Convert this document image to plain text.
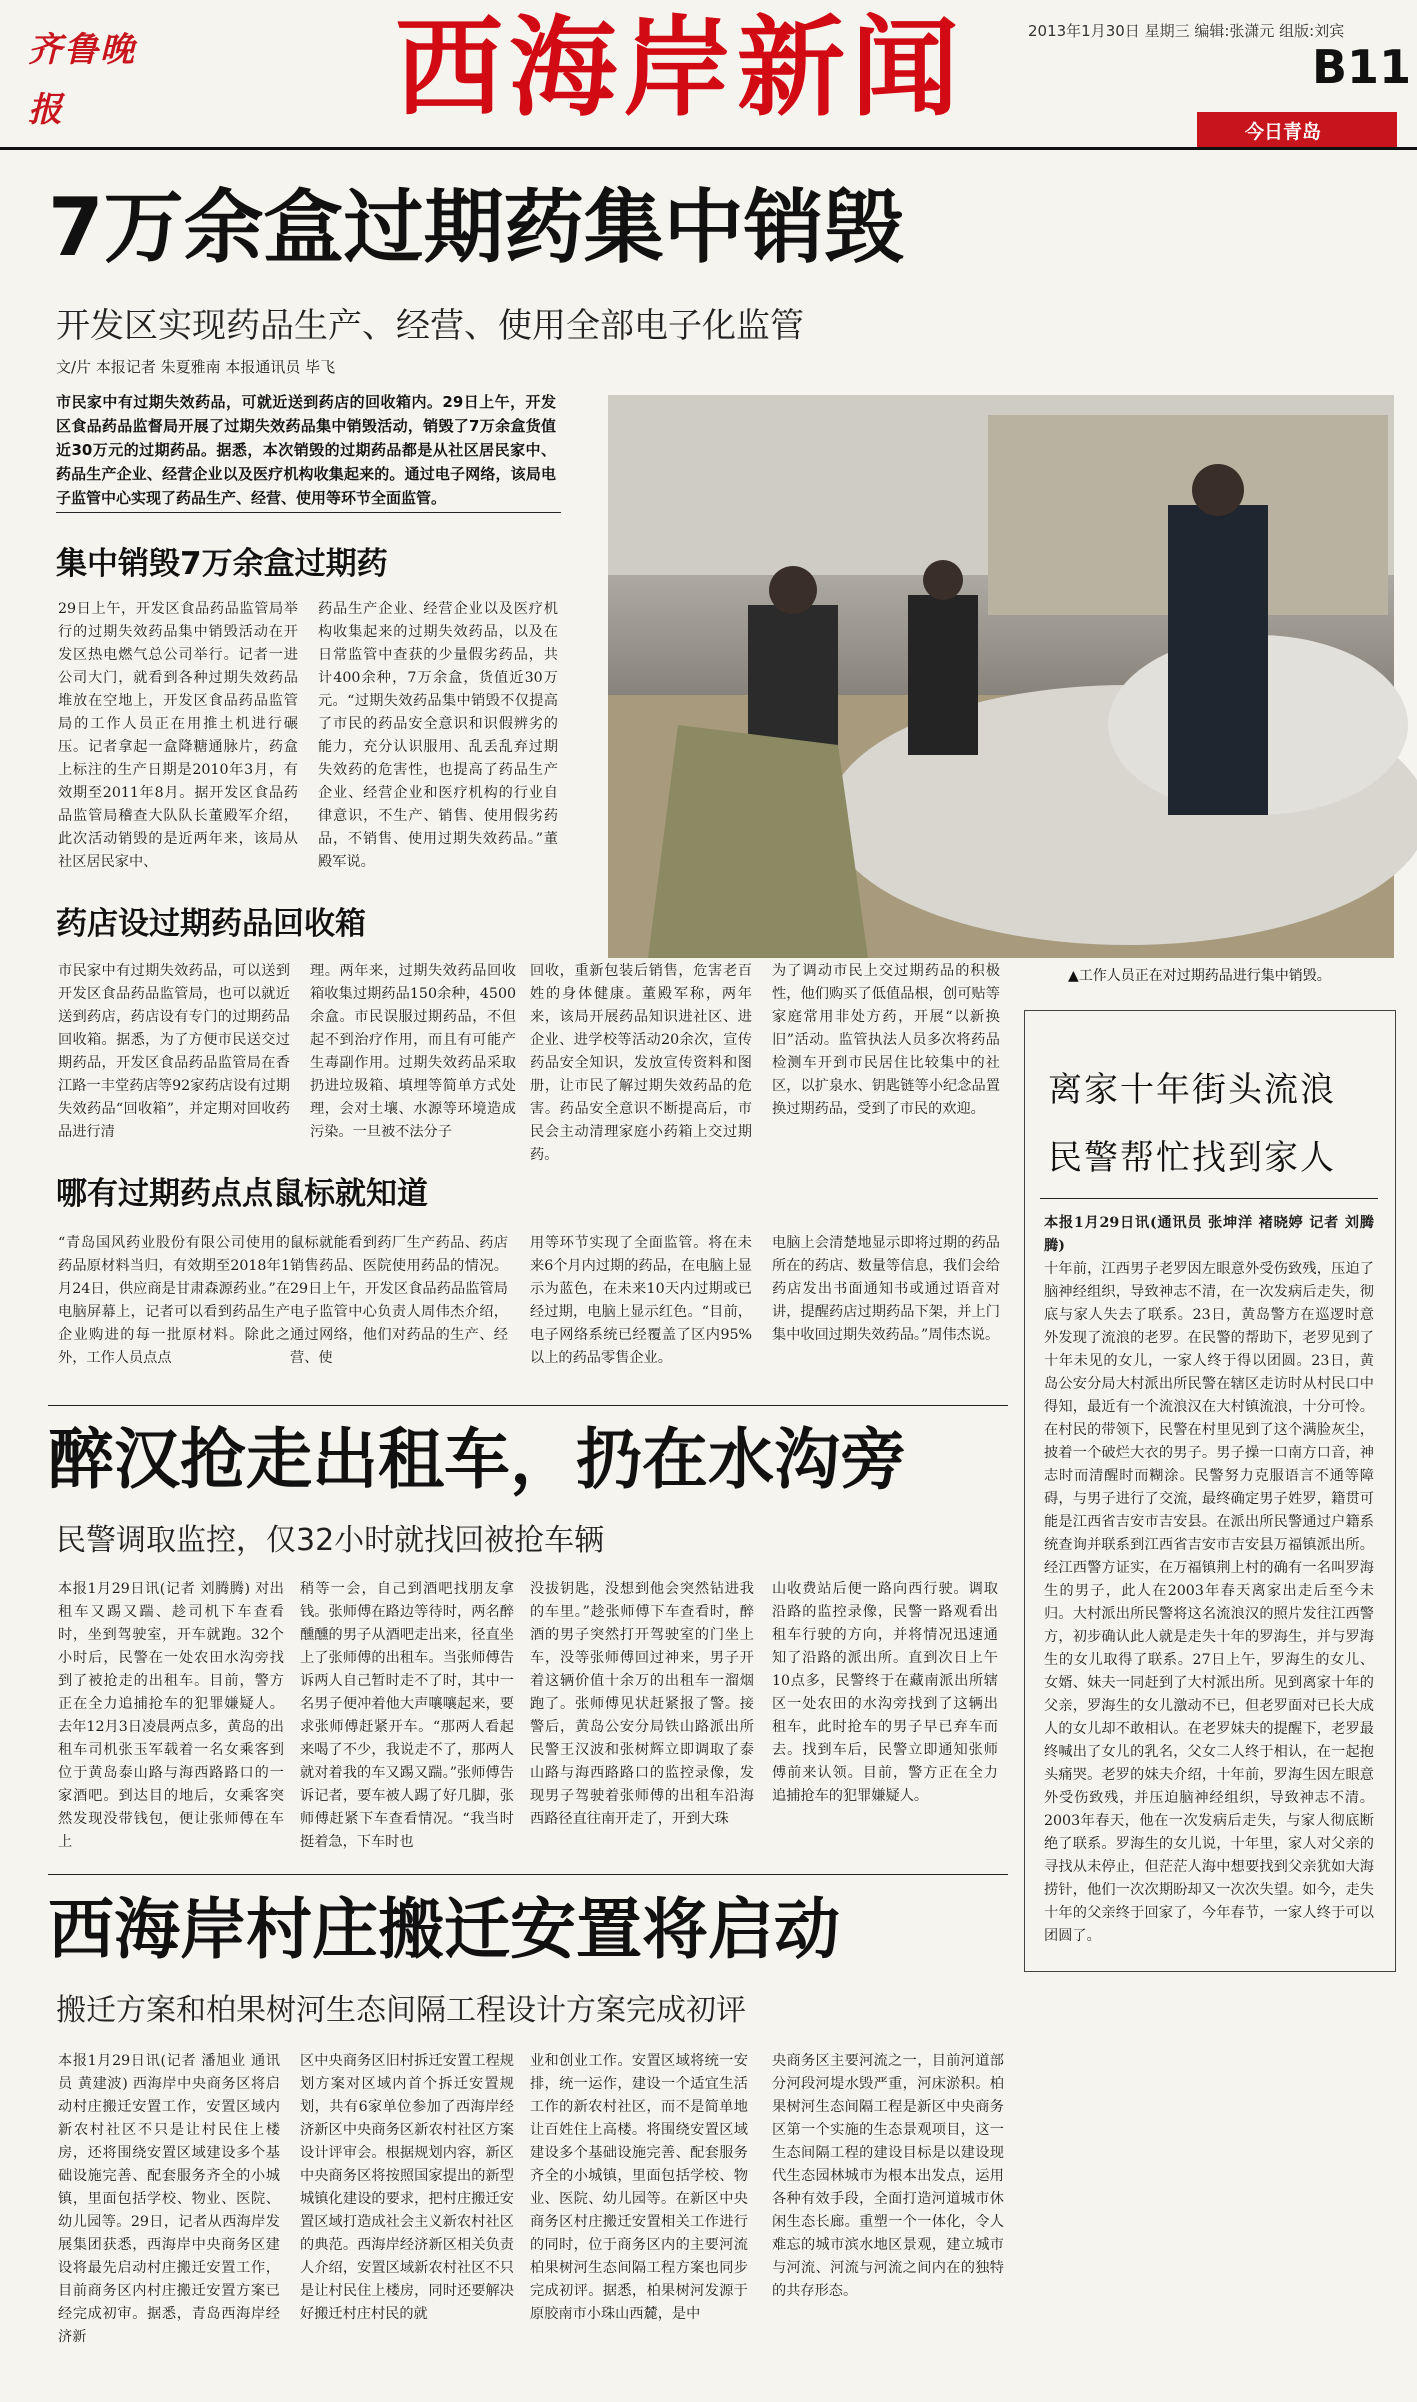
齐鲁晚报	西海岸新闻	2013年1月30日 星期三 编辑:张潇元 组版:刘宾
B11
今日青岛
7万余盒过期药集中销毁
开发区实现药品生产、经营、使用全部电子化监管
文/片 本报记者 朱夏雅南 本报通讯员 毕飞
市民家中有过期失效药品，可就近送到药店的回收箱内。29日上午，开发区食品药品监督局开展了过期失效药品集中销毁活动，销毁了7万余盒货值近30万元的过期药品。据悉，本次销毁的过期药品都是从社区居民家中、药品生产企业、经营企业以及医疗机构收集起来的。通过电子网络，该局电子监管中心实现了药品生产、经营、使用等环节全面监管。
集中销毁7万余盒过期药
29日上午，开发区食品药品监管局举行的过期失效药品集中销毁活动在开发区热电燃气总公司举行。记者一进公司大门，就看到各种过期失效药品堆放在空地上，开发区食品药品监管局的工作人员正在用推土机进行碾压。记者拿起一盒降糖通脉片，药盒上标注的生产日期是2010年3月，有效期至2011年8月。据开发区食品药品监管局稽查大队队长董殿军介绍，此次活动销毁的是近两年来，该局从社区居民家中、
药品生产企业、经营企业以及医疗机构收集起来的过期失效药品，以及在日常监管中查获的少量假劣药品，共计400余种，7万余盒，货值近30万元。“过期失效药品集中销毁不仅提高了市民的药品安全意识和识假辨劣的能力，充分认识服用、乱丢乱弃过期失效药的危害性，也提高了药品生产企业、经营企业和医疗机构的行业自律意识，不生产、销售、使用假劣药品，不销售、使用过期失效药品。”董殿军说。
▲工作人员正在对过期药品进行集中销毁。
药店设过期药品回收箱
市民家中有过期失效药品，可以送到开发区食品药品监管局，也可以就近送到药店，药店设有专门的过期药品回收箱。据悉，为了方便市民送交过期药品，开发区食品药品监管局在香江路一丰堂药店等92家药店设有过期失效药品“回收箱”，并定期对回收药品进行清
理。两年来，过期失效药品回收箱收集过期药品150余种，4500余盒。市民误服过期药品，不但起不到治疗作用，而且有可能产生毒副作用。过期失效药品采取扔进垃圾箱、填埋等简单方式处理，会对土壤、水源等环境造成污染。一旦被不法分子
回收，重新包装后销售，危害老百姓的身体健康。董殿军称，两年来，该局开展药品知识进社区、进企业、进学校等活动20余次，宣传药品安全知识，发放宣传资料和图册，让市民了解过期失效药品的危害。药品安全意识不断提高后，市民会主动清理家庭小药箱上交过期药。
为了调动市民上交过期药品的积极性，他们购买了低值品根，创可贴等家庭常用非处方药，开展“以新换旧”活动。监管执法人员多次将药品检测车开到市民居住比较集中的社区，以扩泉水、钥匙链等小纪念品置换过期药品，受到了市民的欢迎。
哪有过期药点点鼠标就知道
“青岛国风药业股份有限公司使用的药品原材料当归，有效期至2018年1月24日，供应商是甘肃森源药业。”在电脑屏幕上，记者可以看到药品生产企业购进的每一批原材料。除此之外，工作人员点点
鼠标就能看到药厂生产药品、药店销售药品、医院使用药品的情况。29日上午，开发区食品药品监管局电子监管中心负责人周伟杰介绍，通过网络，他们对药品的生产、经营、使
用等环节实现了全面监管。将在未来6个月内过期的药品，在电脑上显示为蓝色，在未来10天内过期或已经过期，电脑上显示红色。“目前，电子网络系统已经覆盖了区内95%以上的药品零售企业。
电脑上会清楚地显示即将过期的药品所在的药店、数量等信息，我们会给药店发出书面通知书或通过语音对讲，提醒药店过期药品下架，并上门集中收回过期失效药品。”周伟杰说。
离家十年街头流浪
民警帮忙找到家人
本报1月29日讯(通讯员 张坤洋 褚晓婷 记者 刘腾腾)
十年前，江西男子老罗因左眼意外受伤致残，压迫了脑神经组织，导致神志不清，在一次发病后走失，彻底与家人失去了联系。23日，黄岛警方在巡逻时意外发现了流浪的老罗。在民警的帮助下，老罗见到了十年未见的女儿，一家人终于得以团圆。23日，黄岛公安分局大村派出所民警在辖区走访时从村民口中得知，最近有一个流浪汉在大村镇流浪，十分可怜。在村民的带领下，民警在村里见到了这个满脸灰尘，披着一个破烂大衣的男子。男子操一口南方口音，神志时而清醒时而糊涂。民警努力克服语言不通等障碍，与男子进行了交流，最终确定男子姓罗，籍贯可能是江西省吉安市吉安县。在派出所民警通过户籍系统查询并联系到江西省吉安市吉安县万福镇派出所。经江西警方证实，在万福镇荆上村的确有一名叫罗海生的男子，此人在2003年春天离家出走后至今未归。大村派出所民警将这名流浪汉的照片发往江西警方，初步确认此人就是走失十年的罗海生，并与罗海生的女儿取得了联系。27日上午，罗海生的女儿、女婿、妹夫一同赶到了大村派出所。见到离家十年的父亲，罗海生的女儿激动不已，但老罗面对已长大成人的女儿却不敢相认。在老罗妹夫的提醒下，老罗最终喊出了女儿的乳名，父女二人终于相认，在一起抱头痛哭。老罗的妹夫介绍，十年前，罗海生因左眼意外受伤致残，并压迫脑神经组织，导致神志不清。2003年春天，他在一次发病后走失，与家人彻底断绝了联系。罗海生的女儿说，十年里，家人对父亲的寻找从未停止，但茫茫人海中想要找到父亲犹如大海捞针，他们一次次期盼却又一次次失望。如今，走失十年的父亲终于回家了，今年春节，一家人终于可以团圆了。
醉汉抢走出租车，扔在水沟旁
民警调取监控，仅32小时就找回被抢车辆
本报1月29日讯(记者 刘腾腾) 对出租车又踢又踹、趁司机下车查看时，坐到驾驶室，开车就跑。32个小时后，民警在一处农田水沟旁找到了被抢走的出租车。目前，警方正在全力追捕抢车的犯罪嫌疑人。去年12月3日凌晨两点多，黄岛的出租车司机张玉军载着一名女乘客到位于黄岛泰山路与海西路路口的一家酒吧。到达目的地后，女乘客突然发现没带钱包，便让张师傅在车上
稍等一会，自己到酒吧找朋友拿钱。张师傅在路边等待时，两名醉醺醺的男子从酒吧走出来，径直坐上了张师傅的出租车。当张师傅告诉两人自己暂时走不了时，其中一名男子便冲着他大声嚷嚷起来，要求张师傅赶紧开车。“那两人看起来喝了不少，我说走不了，那两人就对着我的车又踢又踹。”张师傅告诉记者，要车被人踢了好几脚，张师傅赶紧下车查看情况。“我当时挺着急，下车时也
没拔钥匙，没想到他会突然钻进我的车里。”趁张师傅下车查看时，醉酒的男子突然打开驾驶室的门坐上车，没等张师傅回过神来，男子开着这辆价值十余万的出租车一溜烟跑了。张师傅见状赶紧报了警。接警后，黄岛公安分局铁山路派出所民警王汉波和张树辉立即调取了泰山路与海西路路口的监控录像，发现男子驾驶着张师傅的出租车沿海西路径直往南开走了，开到大珠
山收费站后便一路向西行驶。调取沿路的监控录像，民警一路观看出租车行驶的方向，并将情况迅速通知了沿路的派出所。直到次日上午10点多，民警终于在藏南派出所辖区一处农田的水沟旁找到了这辆出租车，此时抢车的男子早已弃车而去。找到车后，民警立即通知张师傅前来认领。目前，警方正在全力追捕抢车的犯罪嫌疑人。
西海岸村庄搬迁安置将启动
搬迁方案和柏果树河生态间隔工程设计方案完成初评
本报1月29日讯(记者 潘旭业 通讯员 黄建波) 西海岸中央商务区将启动村庄搬迁安置工作，安置区域内新农村社区不只是让村民住上楼房，还将围绕安置区域建设多个基础设施完善、配套服务齐全的小城镇，里面包括学校、物业、医院、幼儿园等。29日，记者从西海岸发展集团获悉，西海岸中央商务区建设将最先启动村庄搬迁安置工作，目前商务区内村庄搬迁安置方案已经完成初审。据悉，青岛西海岸经济新
区中央商务区旧村拆迁安置工程规划方案对区域内首个拆迁安置规划，共有6家单位参加了西海岸经济新区中央商务区新农村社区方案设计评审会。根据规划内容，新区中央商务区将按照国家提出的新型城镇化建设的要求，把村庄搬迁安置区域打造成社会主义新农村社区的典范。西海岸经济新区相关负责人介绍，安置区域新农村社区不只是让村民住上楼房，同时还要解决好搬迁村庄村民的就
业和创业工作。安置区域将统一安排，统一运作，建设一个适宜生活工作的新农村社区，而不是简单地让百姓住上高楼。将围绕安置区域建设多个基础设施完善、配套服务齐全的小城镇，里面包括学校、物业、医院、幼儿园等。在新区中央商务区村庄搬迁安置相关工作进行的同时，位于商务区内的主要河流柏果树河生态间隔工程方案也同步完成初评。据悉，柏果树河发源于原胶南市小珠山西麓，是中
央商务区主要河流之一，目前河道部分河段河堤水毁严重，河床淤积。柏果树河生态间隔工程是新区中央商务区第一个实施的生态景观项目，这一生态间隔工程的建设目标是以建设现代生态园林城市为根本出发点，运用各种有效手段，全面打造河道城市休闲生态长廊。重塑一个一体化，令人难忘的城市滨水地区景观，建立城市与河流、河流与河流之间内在的独特的共存形态。
